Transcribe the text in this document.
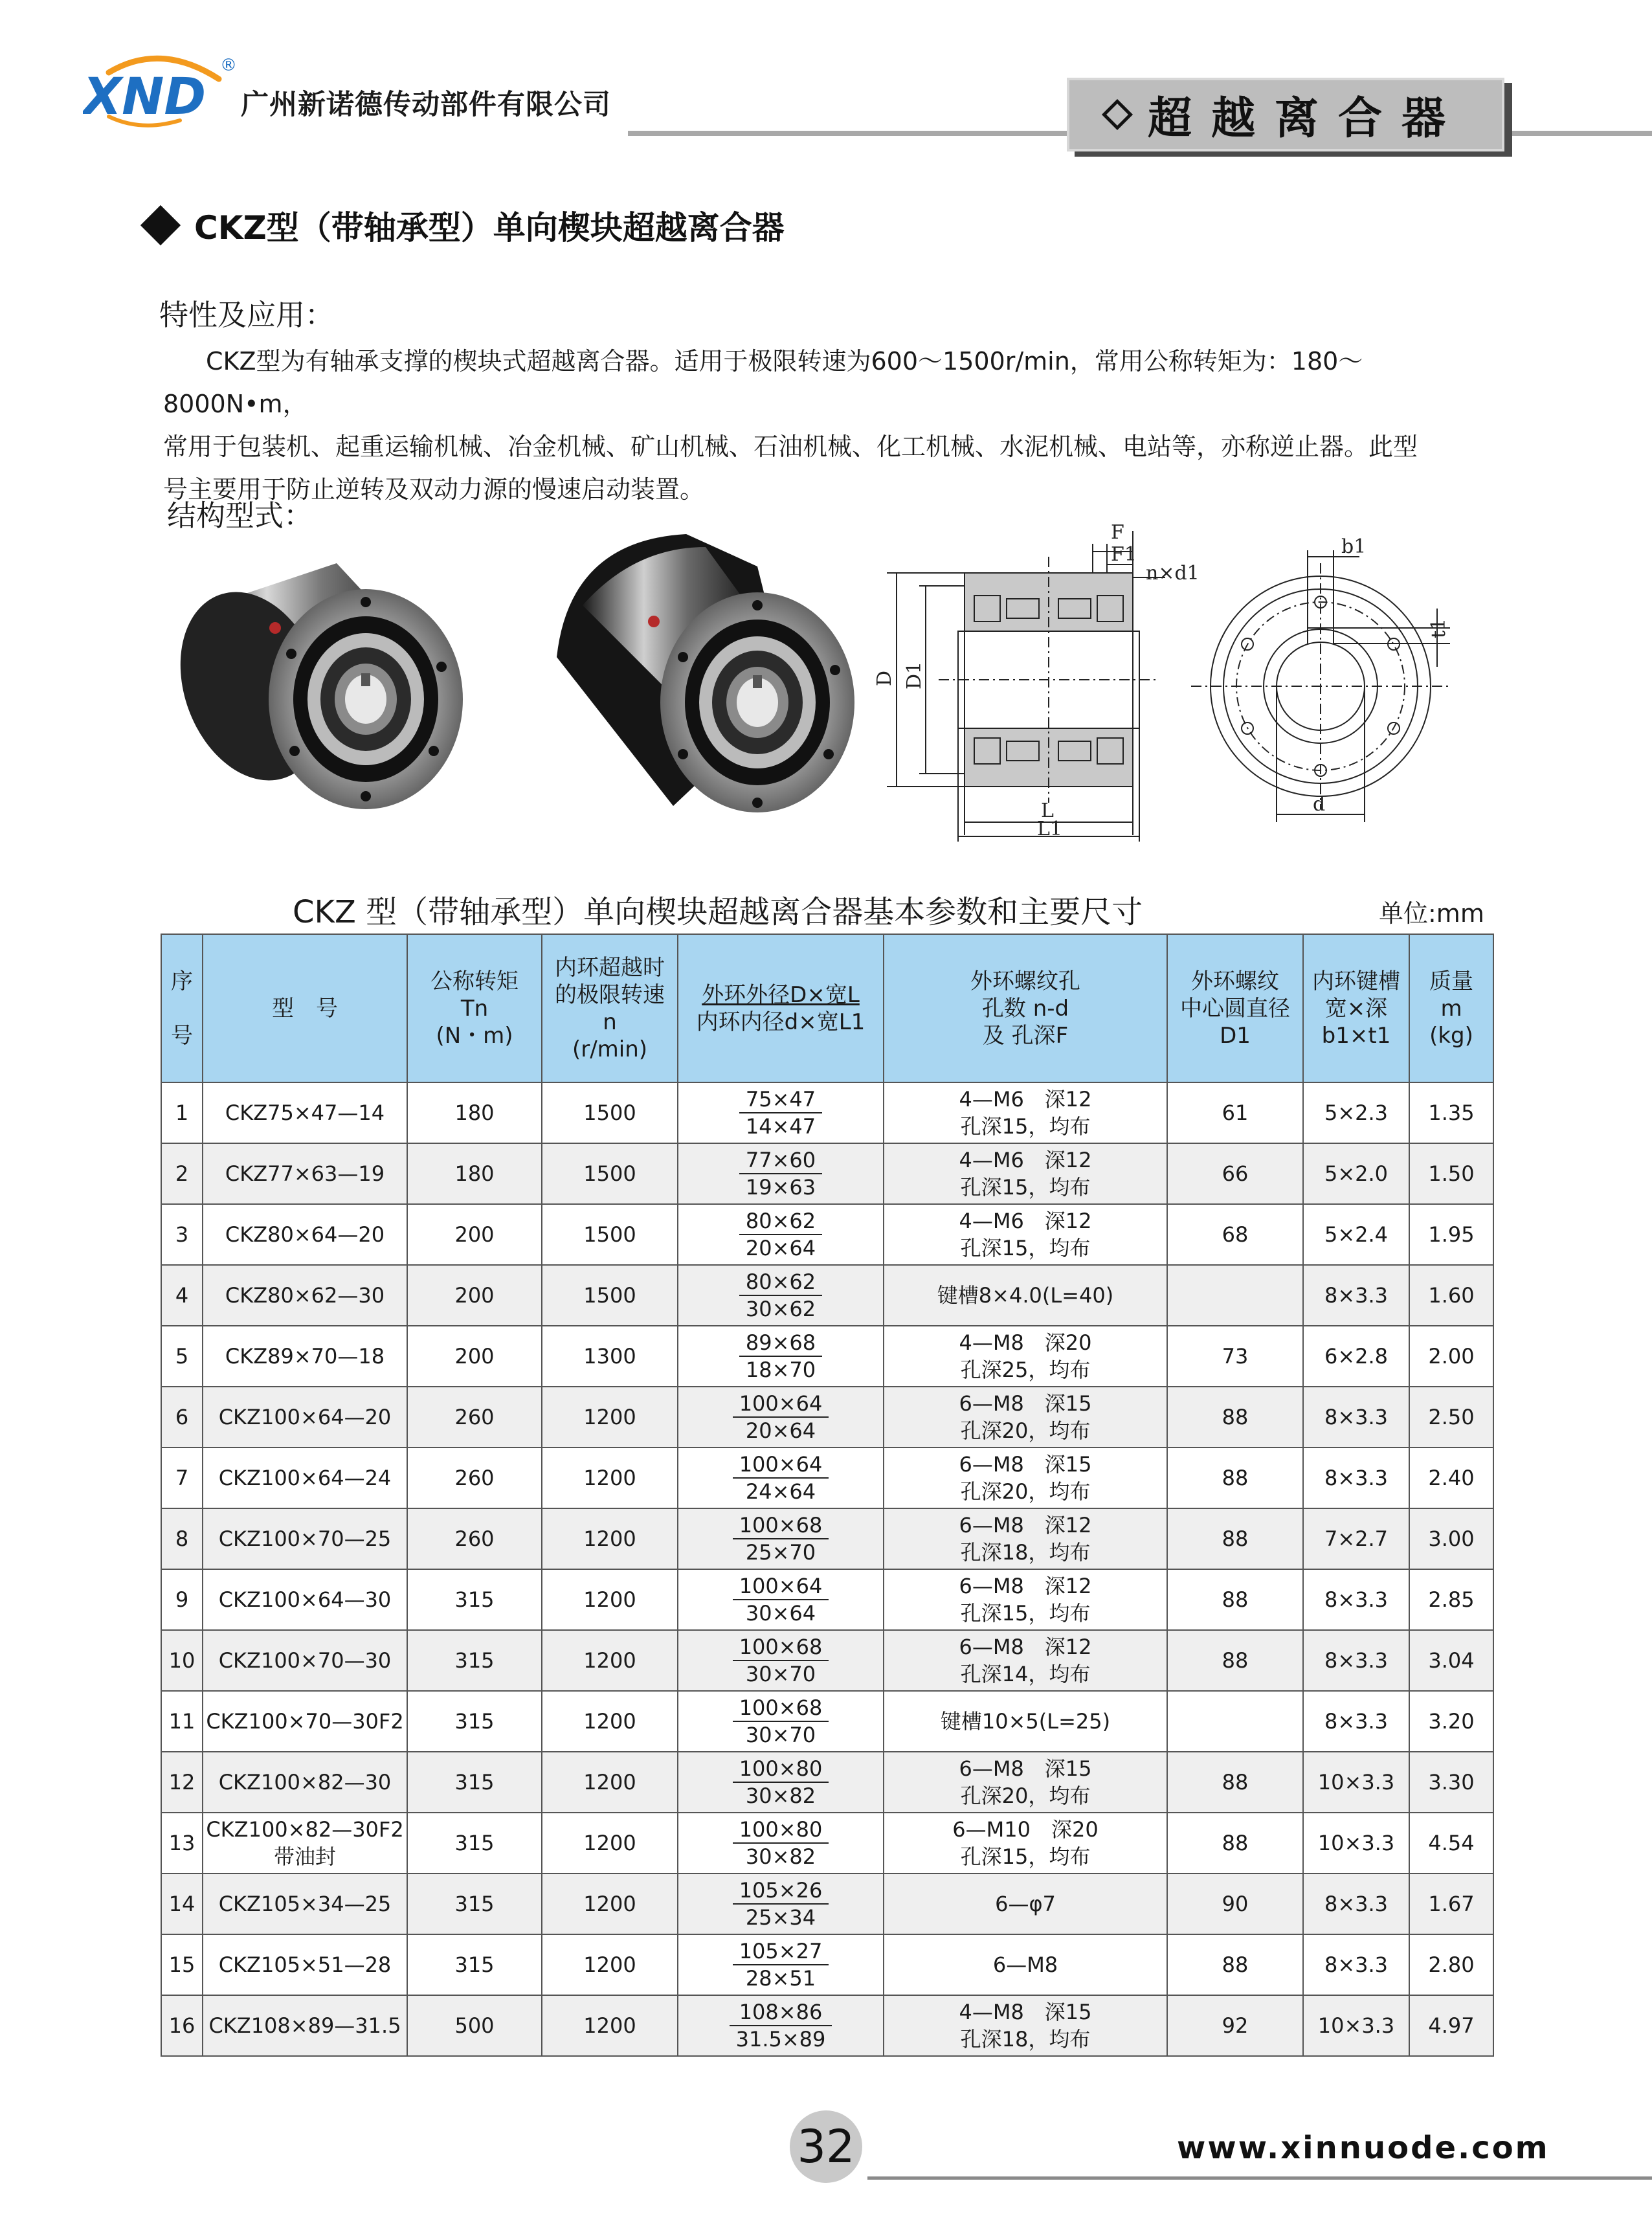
XND
®
广州新诺德传动部件有限公司	超越离合器
CKZ型（带轴承型）单向楔块超越离合器
特性及应用：

CKZ型为有轴承支撑的楔块式超越离合器。适用于极限转速为600～1500r/min，常用公称转矩为：180～8000N•m，

常用于包装机、起重运输机械、冶金机械、矿山机械、石油机械、化工机械、水泥机械、电站等，亦称逆止器。此型

号主要用于防止逆转及双动力源的慢速启动装置。

结构型式：
n×d1
F
F1
D D1
L
L1
b1
t1
d
CKZ 型（带轴承型）单向楔块超越离合器基本参数和主要尺寸	单位:mm
序

号	型　号	公称转矩
Tn
(N・m)	内环超越时
的极限转速
n
(r/min)	外环外径D×宽L
内环内径d×宽L1	外环螺纹孔
孔数 n-d
及 孔深F	外环螺纹
中心圆直径
D1	内环键槽
宽×深
b1×t1	质量
m
(kg)

1	CKZ75×47—14	180	1500	$\frac{75\times 47}{14\times 47}$	4—M6　深12
孔深15，均布	61	5×2.3	1.35
2	CKZ77×63—19	180	1500	$\frac{77\times 60}{19\times 63}$	4—M6　深12
孔深15，均布	66	5×2.0	1.50
3	CKZ80×64—20	200	1500	$\frac{80\times 62}{20\times 64}$	4—M6　深12
孔深15，均布	68	5×2.4	1.95
4	CKZ80×62—30	200	1500	$\frac{80\times 62}{30\times 62}$	键槽8×4.0(L=40)		8×3.3	1.60
5	CKZ89×70—18	200	1300	$\frac{89\times 68}{18\times 70}$	4—M8　深20
孔深25，均布	73	6×2.8	2.00
6	CKZ100×64—20	260	1200	$\frac{100\times 64}{20\times 64}$	6—M8　深15
孔深20，均布	88	8×3.3	2.50
7	CKZ100×64—24	260	1200	$\frac{100\times 64}{24\times 64}$	6—M8　深15
孔深20，均布	88	8×3.3	2.40
8	CKZ100×70—25	260	1200	$\frac{100\times 68}{25\times 70}$	6—M8　深12
孔深18，均布	88	7×2.7	3.00
9	CKZ100×64—30	315	1200	$\frac{100\times 64}{30\times 64}$	6—M8　深12
孔深15，均布	88	8×3.3	2.85
10	CKZ100×70—30	315	1200	$\frac{100\times 68}{30\times 70}$	6—M8　深12
孔深14，均布	88	8×3.3	3.04
11	CKZ100×70—30F2	315	1200	$\frac{100\times 68}{30\times 70}$	键槽10×5(L=25)		8×3.3	3.20
12	CKZ100×82—30	315	1200	$\frac{100\times 80}{30\times 82}$	6—M8　深15
孔深20，均布	88	10×3.3	3.30
13	CKZ100×82—30F2
带油封	315	1200	$\frac{100\times 80}{30\times 82}$	6—M10　深20
孔深15，均布	88	10×3.3	4.54
14	CKZ105×34—25	315	1200	$\frac{105\times 26}{25\times 34}$	6—φ7	90	8×3.3	1.67
15	CKZ105×51—28	315	1200	$\frac{105\times 27}{28\times 51}$	6—M8	88	8×3.3	2.80
16	CKZ108×89—31.5	500	1200	$\frac{108\times 86}{31.5\times 89}$	4—M8　深15
孔深18，均布	92	10×3.3	4.97
32	www.xinnuode.com
